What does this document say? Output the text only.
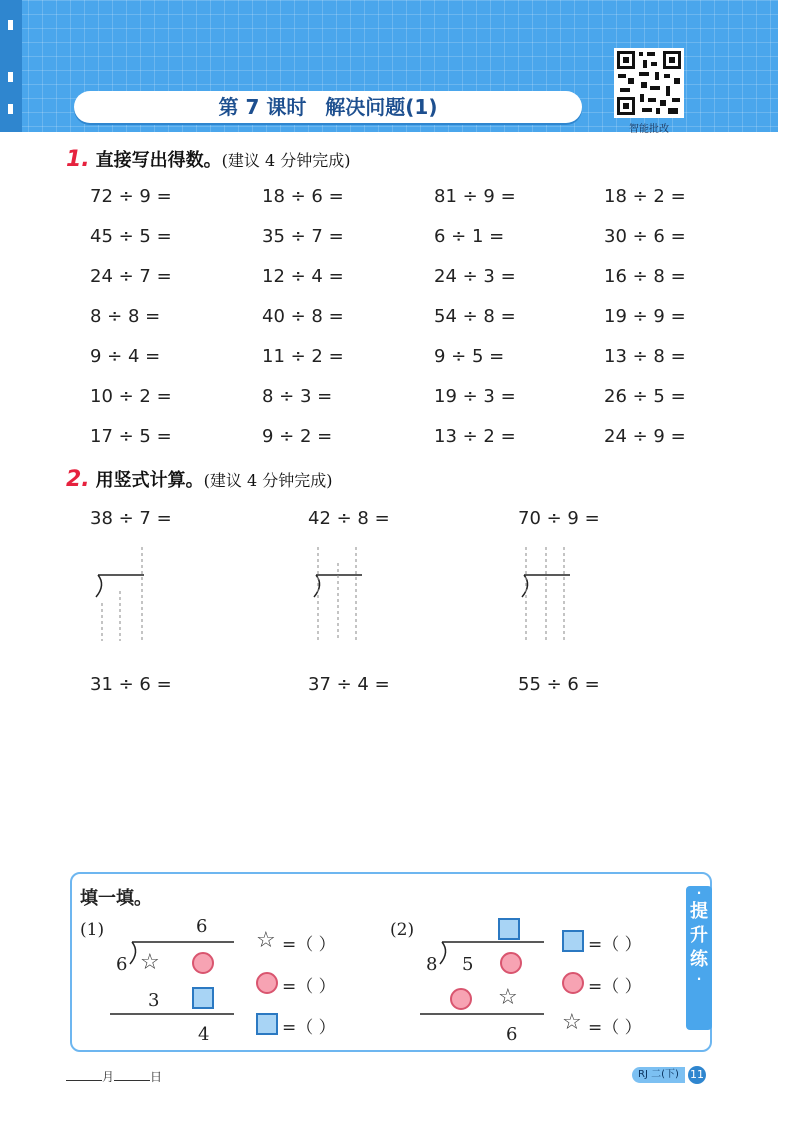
第 7 课时 解决问题(1)
智能批改
1. 直接写出得数。(建议 4 分钟完成)
72 ÷ 9 =	18 ÷ 6 =	81 ÷ 9 =	18 ÷ 2 =
45 ÷ 5 =	35 ÷ 7 =	6 ÷ 1 =	30 ÷ 6 =
24 ÷ 7 =	12 ÷ 4 =	24 ÷ 3 =	16 ÷ 8 =
8 ÷ 8 =	40 ÷ 8 =	54 ÷ 8 =	19 ÷ 9 =
9 ÷ 4 =	11 ÷ 2 =	9 ÷ 5 =	13 ÷ 8 =
10 ÷ 2 =	8 ÷ 3 =	19 ÷ 3 =	26 ÷ 5 =
17 ÷ 5 =	9 ÷ 2 =	13 ÷ 2 =	24 ÷ 9 =
2. 用竖式计算。(建议 4 分钟完成)
38 ÷ 7 =	42 ÷ 8 =	70 ÷ 9 =
31 ÷ 6 =	37 ÷ 4 =	55 ÷ 6 =
·
提
升
练
·
填一填。
(1)	6
6 ☆
3
4
☆ =（ ）
=（ ）
=（ ）
(2)
8 5
☆
6
=（ ）
=（ ）
☆ =（ ）
月	日	RJ 二(下)	11
